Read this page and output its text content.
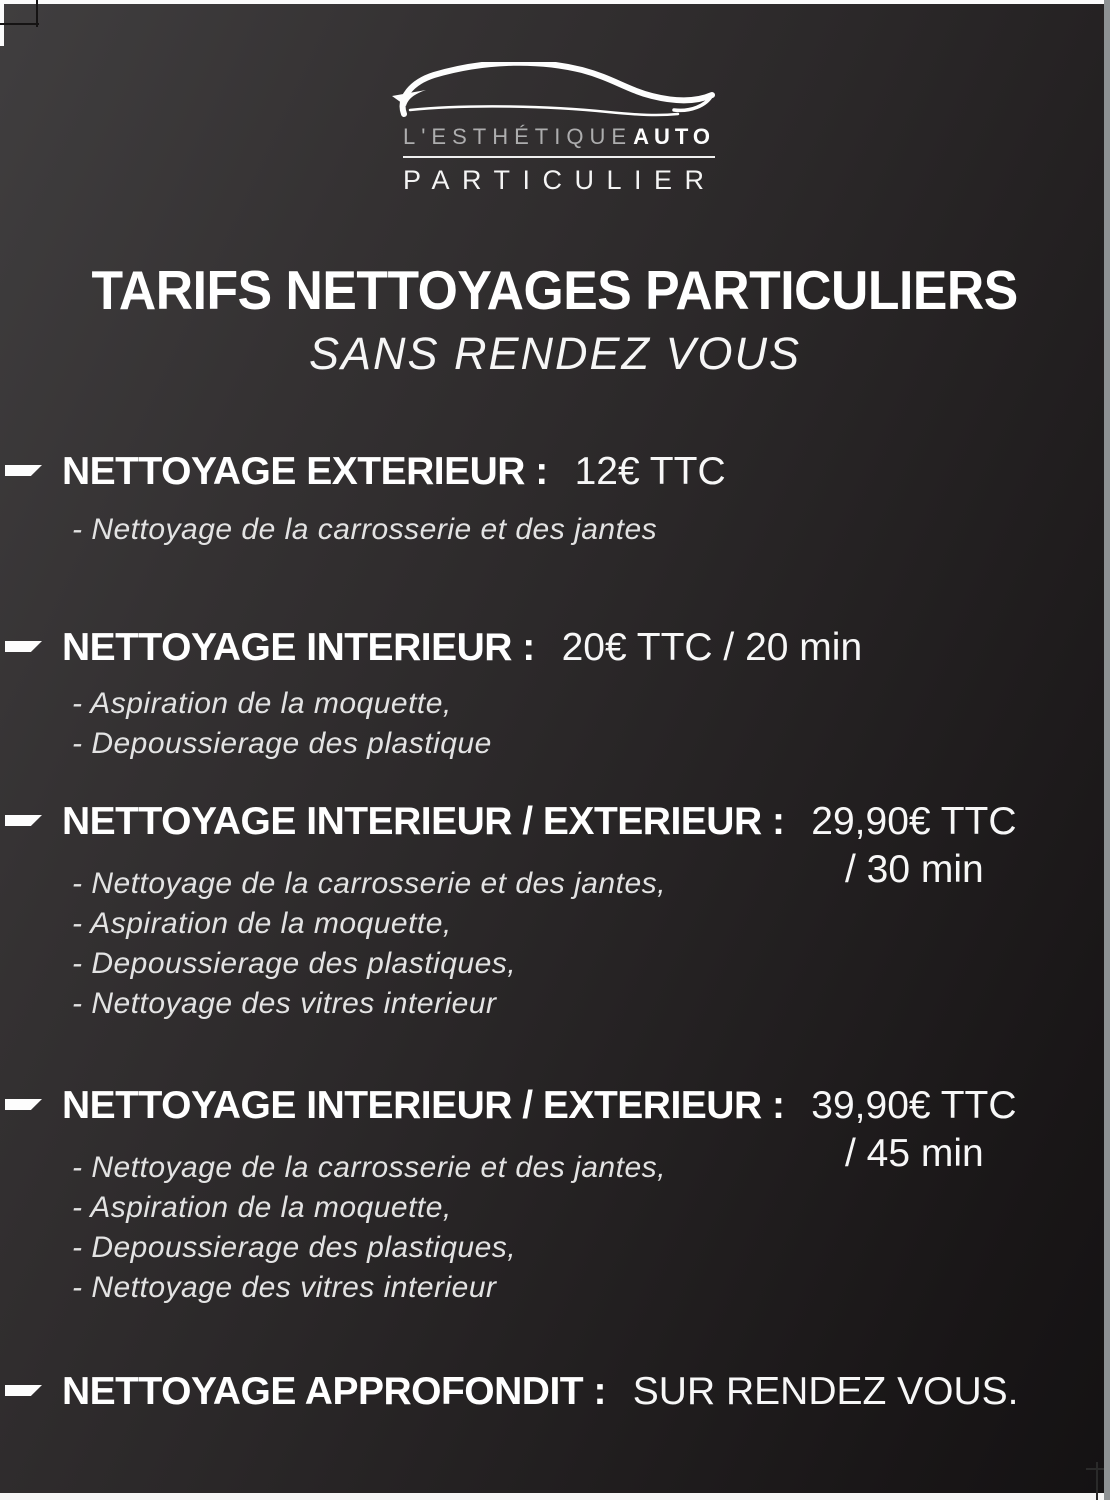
L'ESTHÉTIQUE AUTO
PARTICULIER
TARIFS NETTOYAGES PARTICULIERS
SANS RENDEZ VOUS
NETTOYAGE EXTERIEUR : 12€ TTC
- Nettoyage de la carrosserie et des jantes
NETTOYAGE INTERIEUR : 20€ TTC / 20 min
- Aspiration de la moquette,
- Depoussierage des plastique
NETTOYAGE INTERIEUR / EXTERIEUR : 29,90€ TTC
/ 30 min
- Nettoyage de la carrosserie et des jantes,
- Aspiration de la moquette,
- Depoussierage des plastiques,
- Nettoyage des vitres interieur
NETTOYAGE INTERIEUR / EXTERIEUR : 39,90€ TTC
/ 45 min
- Nettoyage de la carrosserie et des jantes,
- Aspiration de la moquette,
- Depoussierage des plastiques,
- Nettoyage des vitres interieur
NETTOYAGE APPROFONDIT : SUR RENDEZ VOUS.
